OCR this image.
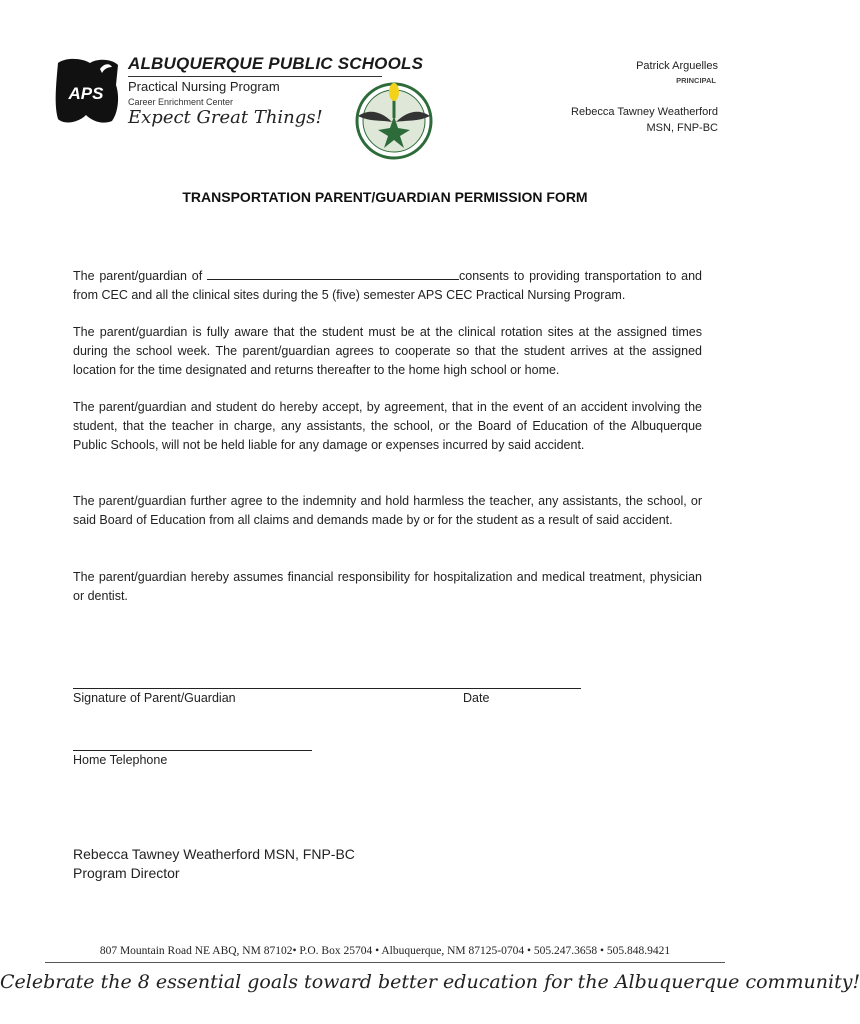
APS
ALBUQUERQUE PUBLIC SCHOOLS
Practical Nursing Program
Career Enrichment Center
Expect Great Things!
Patrick Arguelles
PRINCIPAL
Rebecca Tawney Weatherford
MSN, FNP-BC
TRANSPORTATION PARENT/GUARDIAN PERMISSION FORM
The parent/guardian of	consents to providing transportation to and from CEC and all the clinical sites during the 5 (five) semester APS CEC Practical Nursing Program.
The parent/guardian is fully aware that the student must be at the clinical rotation sites at the assigned times during the school week. The parent/guardian agrees to cooperate so that the student arrives at the assigned location for the time designated and returns thereafter to the home high school or home.
The parent/guardian and student do hereby accept, by agreement, that in the event of an accident involving the student, that the teacher in charge, any assistants, the school, or the Board of Education of the Albuquerque Public Schools, will not be held liable for any damage or expenses incurred by said accident.
The parent/guardian further agree to the indemnity and hold harmless the teacher, any assistants, the school, or said Board of Education from all claims and demands made by or for the student as a result of said accident.
The parent/guardian hereby assumes financial responsibility for hospitalization and medical treatment, physician or dentist.
Signature of Parent/Guardian	Date
Home Telephone
Rebecca Tawney Weatherford MSN, FNP-BC
Program Director
807 Mountain Road NE ABQ, NM 87102• P.O. Box 25704 • Albuquerque, NM 87125-0704 • 505.247.3658 • 505.848.9421
Celebrate the 8 essential goals toward better education for the Albuquerque community!
